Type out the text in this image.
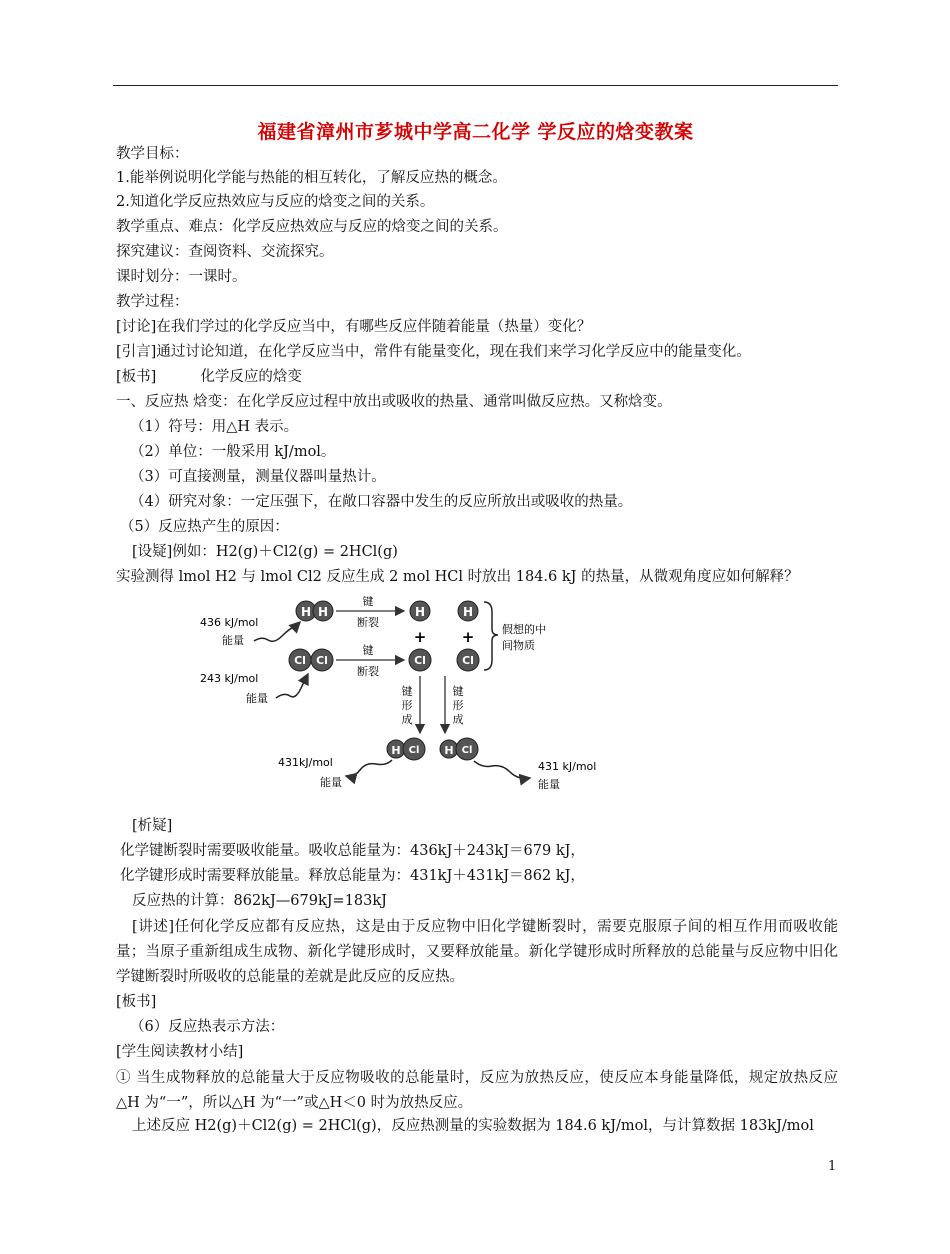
福建省漳州市芗城中学高二化学 学反应的焓变教案
教学目标：
1.能举例说明化学能与热能的相互转化，了解反应热的概念。
2.知道化学反应热效应与反应的焓变之间的关系。
教学重点、难点：化学反应热效应与反应的焓变之间的关系。
探究建议：查阅资料、交流探究。
课时划分：一课时。
教学过程：
[讨论]在我们学过的化学反应当中，有哪些反应伴随着能量（热量）变化？
[引言]通过讨论知道，在化学反应当中，常件有能量变化，现在我们来学习化学反应中的能量变化。
[板书]	化学反应的焓变
一、反应热 焓变：在化学反应过程中放出或吸收的热量、通常叫做反应热。又称焓变。
（1）符号：用△H 表示。
（2）单位：一般采用 kJ/mol。
（3）可直接测量，测量仪器叫量热计。
（4）研究对象：一定压强下，在敞口容器中发生的反应所放出或吸收的热量。
（5）反应热产生的原因：
[设疑]例如：H2(g)＋Cl2(g) = 2HCl(g)
实验测得 lmol H2 与 lmol Cl2 反应生成 2 mol HCl 时放出 184.6 kJ 的热量，从微观角度应如何解释？
H H
Cl Cl
键
断裂
键
断裂
H
+
Cl
H
+
Cl
假想的中
间物质
键
形
成
键
形
成
H Cl H Cl
436 kJ/mol
能量
243 kJ/mol
能量
431kJ/mol
能量
431 kJ/mol
能量
[析疑]
化学键断裂时需要吸收能量。吸收总能量为：436kJ＋243kJ＝679 kJ，
化学键形成时需要释放能量。释放总能量为：431kJ＋431kJ＝862 kJ，
反应热的计算：862kJ—679kJ=183kJ
[讲述]任何化学反应都有反应热，这是由于反应物中旧化学键断裂时，需要克服原子间的相互作用而吸收能量；当原子重新组成生成物、新化学键形成时，又要释放能量。新化学键形成时所释放的总能量与反应物中旧化学键断裂时所吸收的总能量的差就是此反应的反应热。
[板书]
（6）反应热表示方法：
[学生阅读教材小结]
① 当生成物释放的总能量大于反应物吸收的总能量时，反应为放热反应，使反应本身能量降低，规定放热反应△H 为“一”，所以△H 为“一”或△H＜0 时为放热反应。
上述反应 H2(g)＋Cl2(g) = 2HCl(g)，反应热测量的实验数据为 184.6 kJ/mol，与计算数据 183kJ/mol
1
